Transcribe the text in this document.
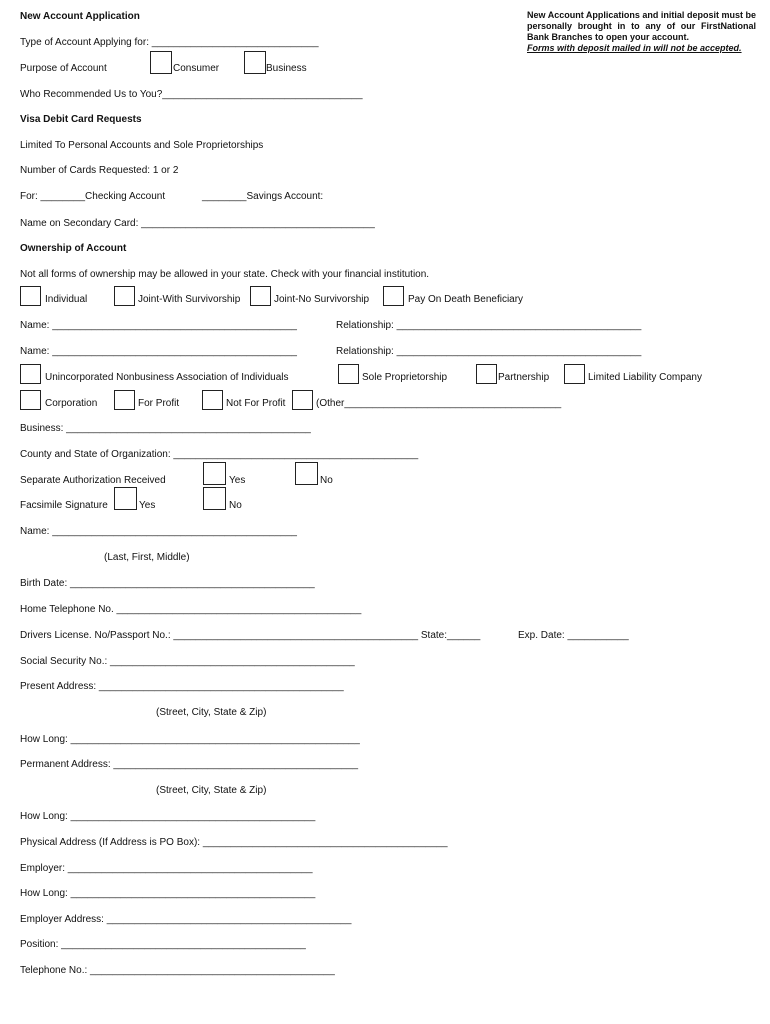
New Account Application	New Account Applications and initial deposit must be personally brought in to any of our FirstNational Bank Branches to open your account.
Forms with deposit mailed in will not be accepted.
Type of Account Applying for: ______________________________
Purpose of Account	Consumer	Business
Who Recommended Us to You?____________________________________
Visa Debit Card Requests
Limited To Personal Accounts and Sole Proprietorships
Number of Cards Requested: 1 or 2
For: ________Checking Account	________Savings Account:
Name on Secondary Card: __________________________________________
Ownership of Account
Not all forms of ownership may be allowed in your state. Check with your financial institution.
Individual	Joint-With Survivorship	Joint-No Survivorship	Pay On Death Beneficiary
Name: ____________________________________________	Relationship: ____________________________________________
Name: ____________________________________________	Relationship: ____________________________________________
Unincorporated Nonbusiness Association of Individuals	Sole Proprietorship	Partnership	Limited Liability Company
Corporation	For Profit	Not For Profit	(Other_______________________________________
Business: ____________________________________________
County and State of Organization: ____________________________________________
Separate Authorization Received	Yes	No
Facsimile Signature	Yes	No
Name: ____________________________________________
(Last, First, Middle)
Birth Date: ____________________________________________
Home Telephone No. ____________________________________________
Drivers License. No/Passport No.: ____________________________________________ State:______	Exp. Date: ___________
Social Security No.: ____________________________________________
Present Address: ____________________________________________
(Street, City, State & Zip)
How Long: ____________________________________________________
Permanent Address: ____________________________________________
(Street, City, State & Zip)
How Long: ____________________________________________
Physical Address (If Address is PO Box): ____________________________________________
Employer: ____________________________________________
How Long: ____________________________________________
Employer Address: ____________________________________________
Position: ____________________________________________
Telephone No.: ____________________________________________
